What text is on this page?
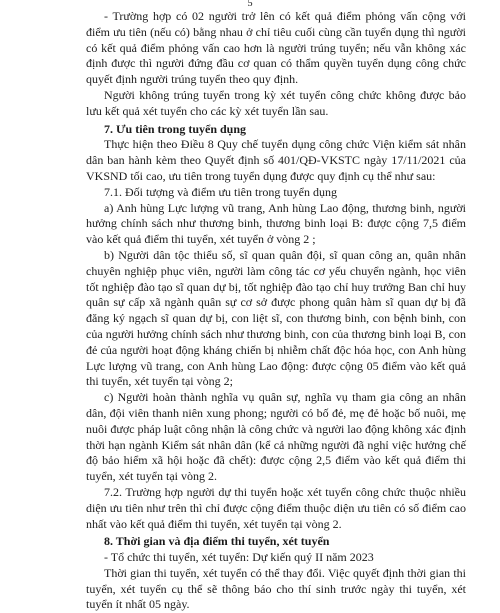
5

- Trường hợp có 02 người trở lên có kết quả điểm phỏng vấn cộng với điểm ưu tiên (nếu có) bằng nhau ở chỉ tiêu cuối cùng cần tuyển dụng thì người có kết quả điểm phỏng vấn cao hơn là người trúng tuyển; nếu vẫn không xác định được thì người đứng đầu cơ quan có thẩm quyền tuyển dụng công chức quyết định người trúng tuyển theo quy định.

Người không trúng tuyển trong kỳ xét tuyển công chức không được bảo lưu kết quả xét tuyển cho các kỳ xét tuyển lần sau.

7. Ưu tiên trong tuyển dụng

Thực hiện theo Điều 8 Quy chế tuyển dụng công chức Viện kiểm sát nhân dân ban hành kèm theo Quyết định số 401/QĐ-VKSTC ngày 17/11/2021 của VKSND tối cao, ưu tiên trong tuyển dụng được quy định cụ thể như sau:

7.1. Đối tượng và điểm ưu tiên trong tuyển dụng

a) Anh hùng Lực lượng vũ trang, Anh hùng Lao động, thương binh, người hưởng chính sách như thương binh, thương binh loại B: được cộng 7,5 điểm vào kết quả điểm thi tuyển, xét tuyển ở vòng 2 ;

b) Người dân tộc thiểu số, sĩ quan quân đội, sĩ quan công an, quân nhân chuyên nghiệp phục viên, người làm công tác cơ yếu chuyển ngành, học viên tốt nghiệp đào tạo sĩ quan dự bị, tốt nghiệp đào tạo chỉ huy trưởng Ban chỉ huy quân sự cấp xã ngành quân sự cơ sở được phong quân hàm sĩ quan dự bị đã đăng ký ngạch sĩ quan dự bị, con liệt sĩ, con thương binh, con bệnh binh, con của người hưởng chính sách như thương binh, con của thương binh loại B, con đẻ của người hoạt động kháng chiến bị nhiễm chất độc hóa học, con Anh hùng Lực lượng vũ trang, con Anh hùng Lao động: được cộng 05 điểm vào kết quả thi tuyển, xét tuyển tại vòng 2;

c) Người hoàn thành nghĩa vụ quân sự, nghĩa vụ tham gia công an nhân dân, đội viên thanh niên xung phong; người có bố đẻ, mẹ đẻ hoặc bố nuôi, mẹ nuôi được pháp luật công nhận là công chức và người lao động không xác định thời hạn ngành Kiểm sát nhân dân (kể cả những người đã nghỉ việc hưởng chế độ bảo hiểm xã hội hoặc đã chết): được cộng 2,5 điểm vào kết quả điểm thi tuyển, xét tuyển tại vòng 2.

7.2. Trường hợp người dự thi tuyển hoặc xét tuyển công chức thuộc nhiều diện ưu tiên như trên thì chỉ được cộng điểm thuộc diện ưu tiên có số điểm cao nhất vào kết quả điểm thi tuyển, xét tuyển tại vòng 2.

8. Thời gian và địa điểm thi tuyển, xét tuyển

- Tổ chức thi tuyển, xét tuyển: Dự kiến quý II năm 2023

Thời gian thi tuyển, xét tuyển có thể thay đổi. Việc quyết định thời gian thi tuyển, xét tuyển cụ thể sẽ thông báo cho thí sinh trước ngày thi tuyển, xét tuyển ít nhất 05 ngày.
